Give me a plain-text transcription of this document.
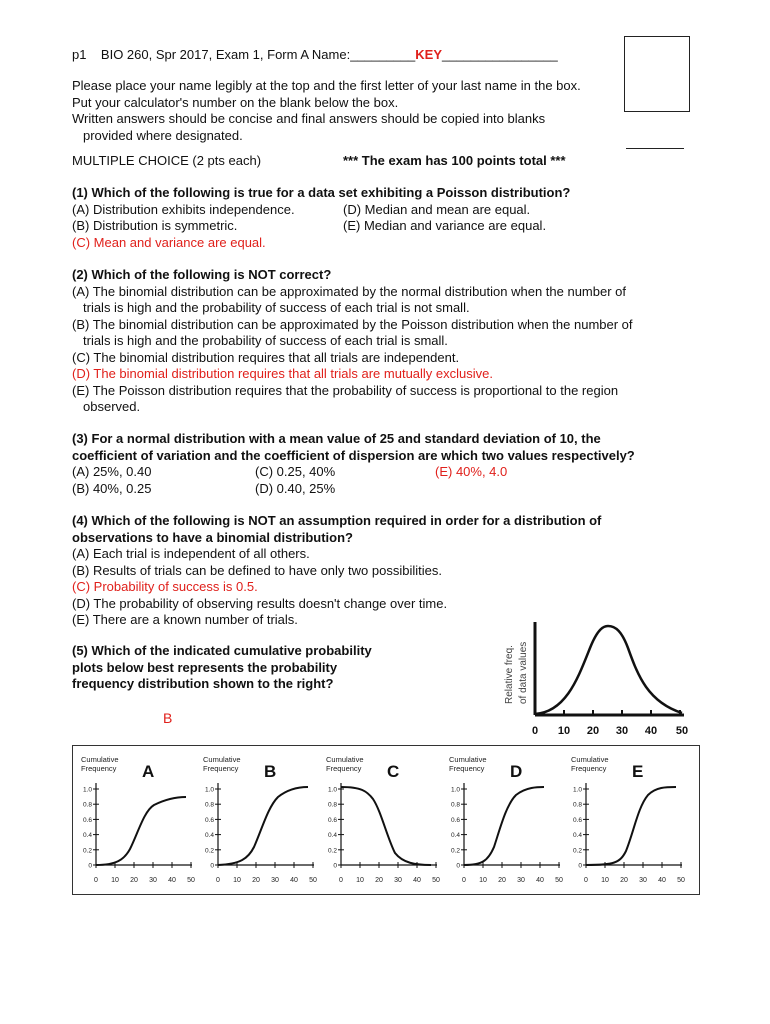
p1 BIO 260, Spr 2017, Exam 1, Form A Name:_________KEY________________
Please place your name legibly at the top and the first letter of your last name in the box.
Put your calculator's number on the blank below the box.
Written answers should be concise and final answers should be copied into blanks
provided where designated.
MULTIPLE CHOICE (2 pts each)	*** The exam has 100 points total ***
(1) Which of the following is true for a data set exhibiting a Poisson distribution?
(A) Distribution exhibits independence.
(B) Distribution is symmetric.
(C) Mean and variance are equal.
(D) Median and mean are equal.
(E) Median and variance are equal.
(2) Which of the following is NOT correct?
(A) The binomial distribution can be approximated by the normal distribution when the number of
trials is high and the probability of success of each trial is not small.
(B) The binomial distribution can be approximated by the Poisson distribution when the number of
trials is high and the probability of success of each trial is small.
(C) The binomial distribution requires that all trials are independent.
(D) The binomial distribution requires that all trials are mutually exclusive.
(E) The Poisson distribution requires that the probability of success is proportional to the region
observed.
(3) For a normal distribution with a mean value of 25 and standard deviation of 10, the
coefficient of variation and the coefficient of dispersion are which two values respectively?
(A) 25%, 0.40
(B) 40%, 0.25
(C) 0.25, 40%
(D) 0.40, 25%
(E) 40%, 4.0
(4) Which of the following is NOT an assumption required in order for a distribution of
observations to have a binomial distribution?
(A) Each trial is independent of all others.
(B) Results of trials can be defined to have only two possibilities.
(C) Probability of success is 0.5.
(D) The probability of observing results doesn't change over time.
(E) There are a known number of trials.
(5) Which of the indicated cumulative probability
plots below best represents the probability
frequency distribution shown to the right?
B
Relative freq. of data values
0 10 20 30 40 50
Cumulative
Frequency A
1.0
0.8
0.6
0.4
0.2
0
0 10 20 30 40 50
Cumulative
Frequency B
1.0
0.8
0.6
0.4
0.2
0
0 10 20 30 40 50
Cumulative
Frequency C
1.0
0.8
0.6
0.4
0.2
0
0 10 20 30 40 50
Cumulative
Frequency D
1.0
0.8
0.6
0.4
0.2
0
0 10 20 30 40 50
Cumulative
Frequency E
1.0
0.8
0.6
0.4
0.2
0
0 10 20 30 40 50
